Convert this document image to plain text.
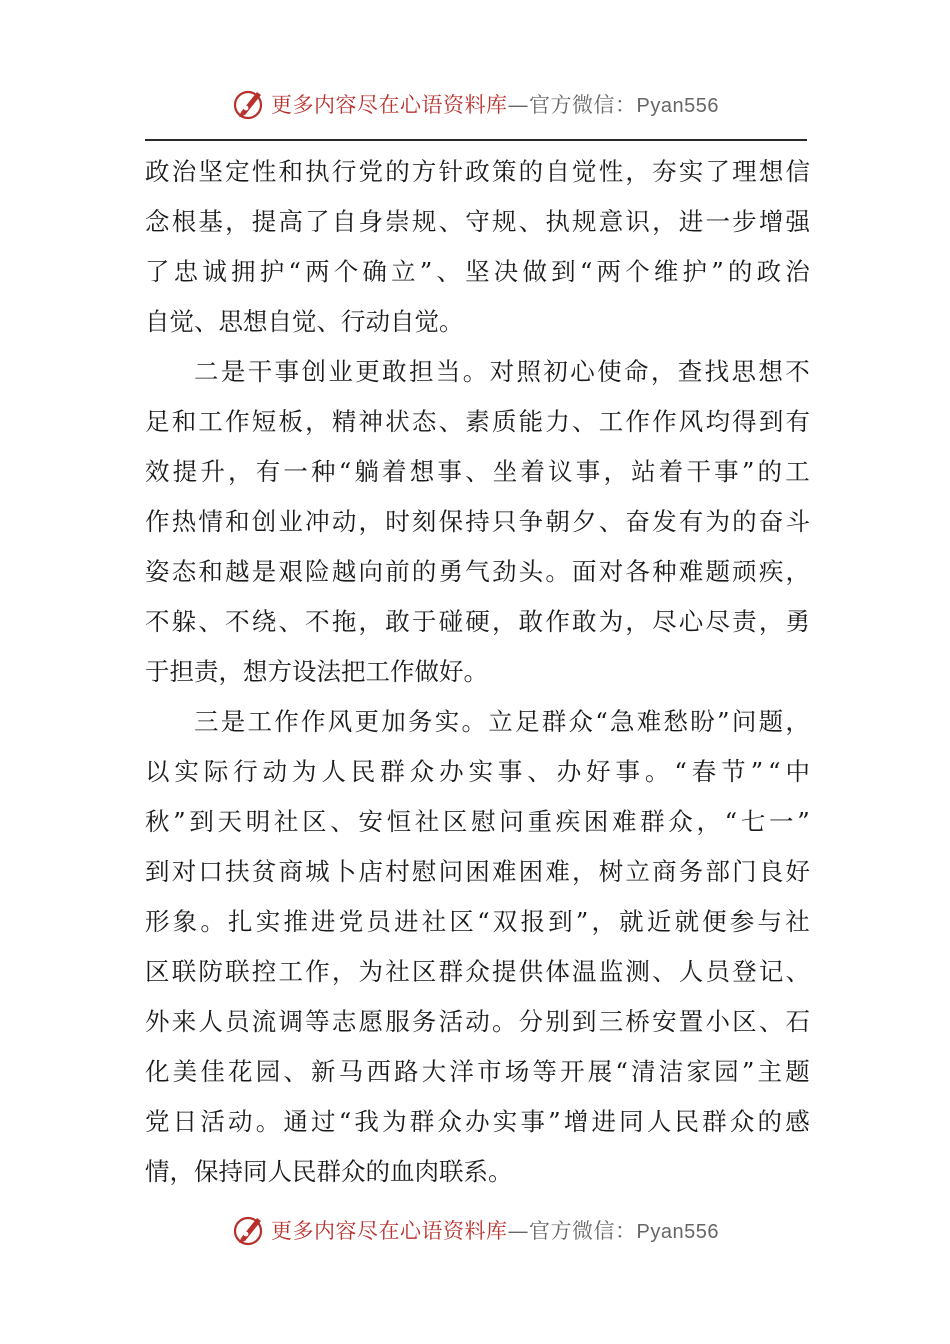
更多内容尽在心语资料库—官方微信：Pyan556
政 治 坚 定 性 和 执 行 党 的 方 针 政 策 的 自 觉 性 ， 夯 实 了 理 想 信
念 根 基 ， 提 高 了 自 身 崇 规 、 守 规 、 执 规 意 识 ， 进 一 步 增 强
了 忠 诚 拥 护 “ 两 个 确 立 ” 、 坚 决 做 到 “ 两 个 维 护 ” 的 政 治
自觉、思想自觉、行动自觉。
二 是 干 事 创 业 更 敢 担 当 。 对 照 初 心 使 命 ， 查 找 思 想 不
足 和 工 作 短 板 ， 精 神 状 态 、 素 质 能 力 、 工 作 作 风 均 得 到 有
效 提 升 ， 有 一 种 “ 躺 着 想 事 、 坐 着 议 事 ， 站 着 干 事 ” 的 工
作 热 情 和 创 业 冲 动 ， 时 刻 保 持 只 争 朝 夕 、 奋 发 有 为 的 奋 斗
姿 态 和 越 是 艰 险 越 向 前 的 勇 气 劲 头 。 面 对 各 种 难 题 顽 疾 ，
不 躲 、 不 绕 、 不 拖 ， 敢 于 碰 硬 ， 敢 作 敢 为 ， 尽 心 尽 责 ， 勇
于担责，想方设法把工作做好。
三 是 工 作 作 风 更 加 务 实 。 立 足 群 众 “ 急 难 愁 盼 ” 问 题 ，
以 实 际 行 动 为 人 民 群 众 办 实 事 、 办 好 事 。 “ 春 节 ” “ 中
秋 ” 到 天 明 社 区 、 安 恒 社 区 慰 问 重 疾 困 难 群 众 ， “ 七 一 ”
到 对 口 扶 贫 商 城 卜 店 村 慰 问 困 难 困 难 ， 树 立 商 务 部 门 良 好
形 象 。 扎 实 推 进 党 员 进 社 区 “ 双 报 到 ” ， 就 近 就 便 参 与 社
区 联 防 联 控 工 作 ， 为 社 区 群 众 提 供 体 温 监 测 、 人 员 登 记 、
外 来 人 员 流 调 等 志 愿 服 务 活 动 。 分 别 到 三 桥 安 置 小 区 、 石
化 美 佳 花 园 、 新 马 西 路 大 洋 市 场 等 开 展 “ 清 洁 家 园 ” 主 题
党 日 活 动 。 通 过 “ 我 为 群 众 办 实 事 ” 增 进 同 人 民 群 众 的 感
情，保持同人民群众的血肉联系。
更多内容尽在心语资料库—官方微信：Pyan556
